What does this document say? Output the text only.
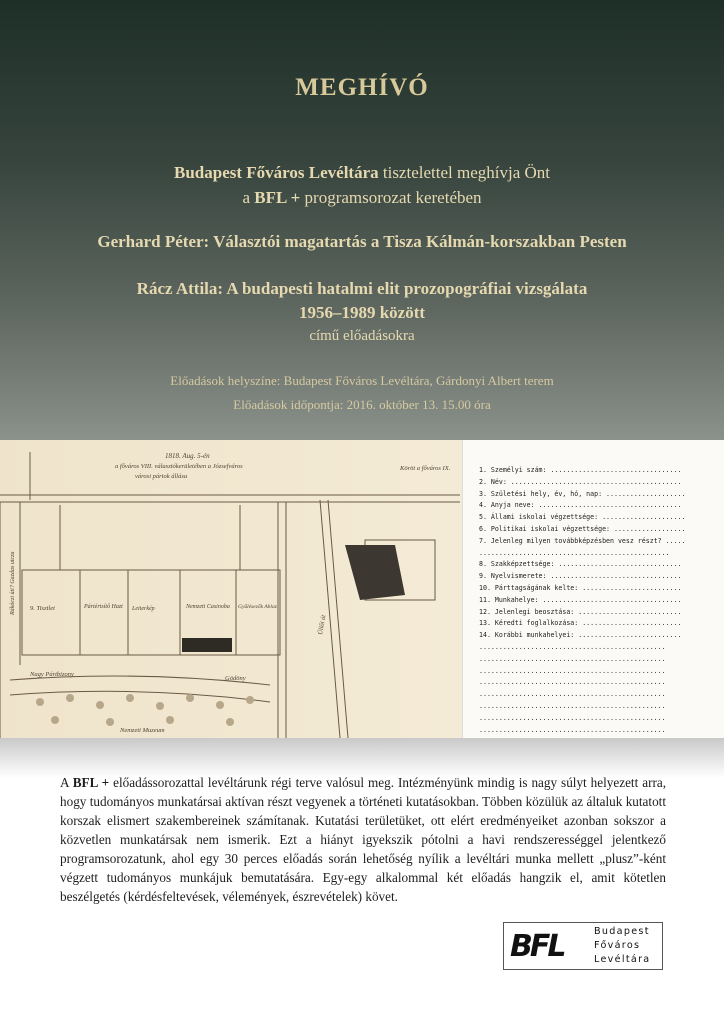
MEGHÍVÓ
Budapest Főváros Levéltára tisztelettel meghívja Önt
a BFL + programsorozat keretében
Gerhard Péter: Választói magatartás a Tisza Kálmán-korszakban Pesten
Rácz Attila: A budapesti hatalmi elit prozopográfiai vizsgálata
1956–1989 között
című előadásokra
Előadások helyszíne: Budapest Főváros Levéltára, Gárdonyi Albert terem
Előadások időpontja: 2016. október 13. 15.00 óra
1818. Aug. 5-én
a főváros VIII. választókerületében a Józsefváros
városi pártok állása
9. Tisztlet	Pártértsítő Hazt Leiterkép	Nemzeti Casinoba Gyűlésezők Ablaz
Nagy Pártbizony
Gödöny
Nemzeti Muzeum
Köröt a főváros IX.
Üllői út
Rákóczi úti? Gazdas utcza
1. Személyi szám: .................................
2. Név: ...........................................
3. Születési hely, év, hó, nap: ....................
4. Anyja neve: ....................................
5. Állami iskolai végzettsége: .....................
6. Politikai iskolai végzettsége: ..................
7. Jelenleg milyen továbbképzésben vesz részt? .....
................................................
8. Szakképzettsége: ...............................
9. Nyelvismerete: .................................
10. Párttagságának kelte: .........................
11. Munkahelye: ...................................
12. Jelenlegi beosztása: ..........................
13. Kéredti foglalkozása: .........................
14. Korábbi munkahelyei: ..........................
...............................................
...............................................
...............................................
...............................................
...............................................
...............................................
...............................................
...............................................
A BFL + előadássorozattal levéltárunk régi terve valósul meg. Intézményünk mindig is nagy súlyt helyezett arra, hogy tudományos munkatársai aktívan részt vegyenek a történeti kutatásokban. Többen közülük az általuk kutatott korszak elismert szakembereinek számítanak. Kutatási területüket, ott elért eredményeiket azonban sokszor a közvetlen munkatársak nem ismerik. Ezt a hiányt igyekszik pótolni a havi rendszerességgel jelentkező programsorozatunk, ahol egy 30 perces előadás során lehetőség nyílik a levéltári munka mellett „plusz”-ként végzett tudományos munkájuk bemutatására. Egy-egy alkalommal két előadás hangzik el, amit kötetlen beszélgetés (kérdésfeltevések, vélemények, észrevételek) követ.
BFL	Budapest
Főváros
Levéltára
